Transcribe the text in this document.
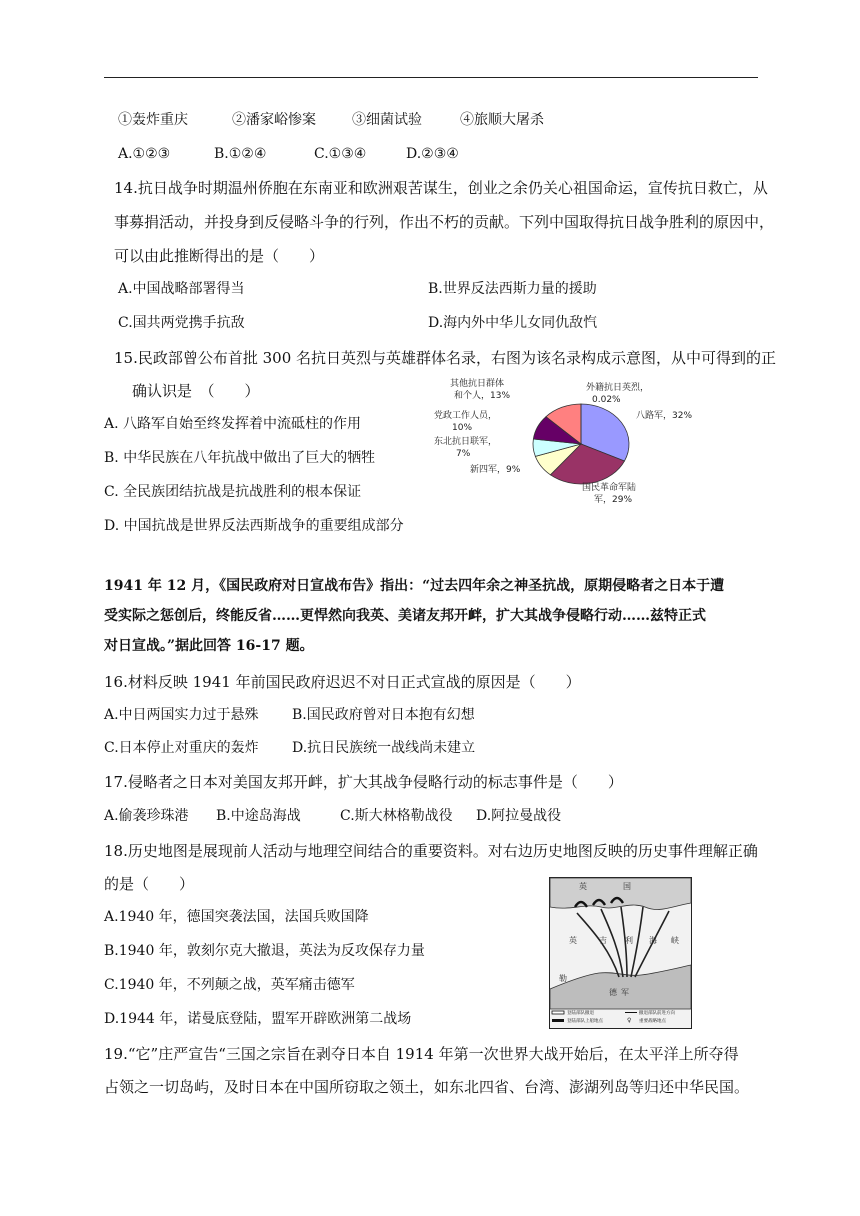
①轰炸重庆	②潘家峪惨案	③细菌试验	④旅顺大屠杀
A.①②③	B.①②④	C.①③④	D.②③④
14.抗日战争时期温州侨胞在东南亚和欧洲艰苦谋生，创业之余仍关心祖国命运，宣传抗日救亡，从
事募捐活动，并投身到反侵略斗争的行列，作出不朽的贡献。下列中国取得抗日战争胜利的原因中，
可以由此推断得出的是（　　）
A.中国战略部署得当	B.世界反法西斯力量的援助
C.国共两党携手抗敌	D.海内外中华儿女同仇敌忾
15.民政部曾公布首批 300 名抗日英烈与英雄群体名录，右图为该名录构成示意图，从中可得到的正
确认识是　（　　）
A. 八路军自始至终发挥着中流砥柱的作用
B. 中华民族在八年抗战中做出了巨大的牺牲
C. 全民族团结抗战是抗战胜利的根本保证
D. 中国抗战是世界反法西斯战争的重要组成部分
其他抗日群体
和个人，13%
外籍抗日英烈，
0.02%
八路军，32%
党政工作人员，
10%
东北抗日联军，
7%
新四军，9%
国民革命军陆
军，29%
1941 年 12 月，《国民政府对日宣战布告》指出：“过去四年余之神圣抗战，原期侵略者之日本于遭
受实际之惩创后，终能反省……更悍然向我英、美诸友邦开衅，扩大其战争侵略行动……兹特正式
对日宣战。”据此回答 16-17 题。
16.材料反映 1941 年前国民政府迟迟不对日正式宣战的原因是（　　）
A.中日两国实力过于悬殊 B.国民政府曾对日本抱有幻想
C.日本停止对重庆的轰炸 D.抗日民族统一战线尚未建立
17.侵略者之日本对美国友邦开衅，扩大其战争侵略行动的标志事件是（　　）
A.偷袭珍珠港 B.中途岛海战	C.斯大林格勒战役 D.阿拉曼战役
18.历史地图是展现前人活动与地理空间结合的重要资料。对右边历史地图反映的历史事件理解正确
的是（　　）
A.1940 年，德国突袭法国，法国兵败国降
B.1940 年，敦刻尔克大撤退，英法为反攻保存力量
C.1940 年，不列颠之战，英军痛击德军
D.1944 年，诺曼底登陆，盟军开辟欧洲第二战场
英	国
英	吉 利 海 峡
勒
德 军
登陆部队撤退
登陆部队上船地点
撤退部队前进方向
♀ 重要战略地点
19.“它”庄严宣告“三国之宗旨在剥夺日本自 1914 年第一次世界大战开始后，在太平洋上所夺得
占领之一切岛屿，及时日本在中国所窃取之领土，如东北四省、台湾、澎湖列岛等归还中华民国。
